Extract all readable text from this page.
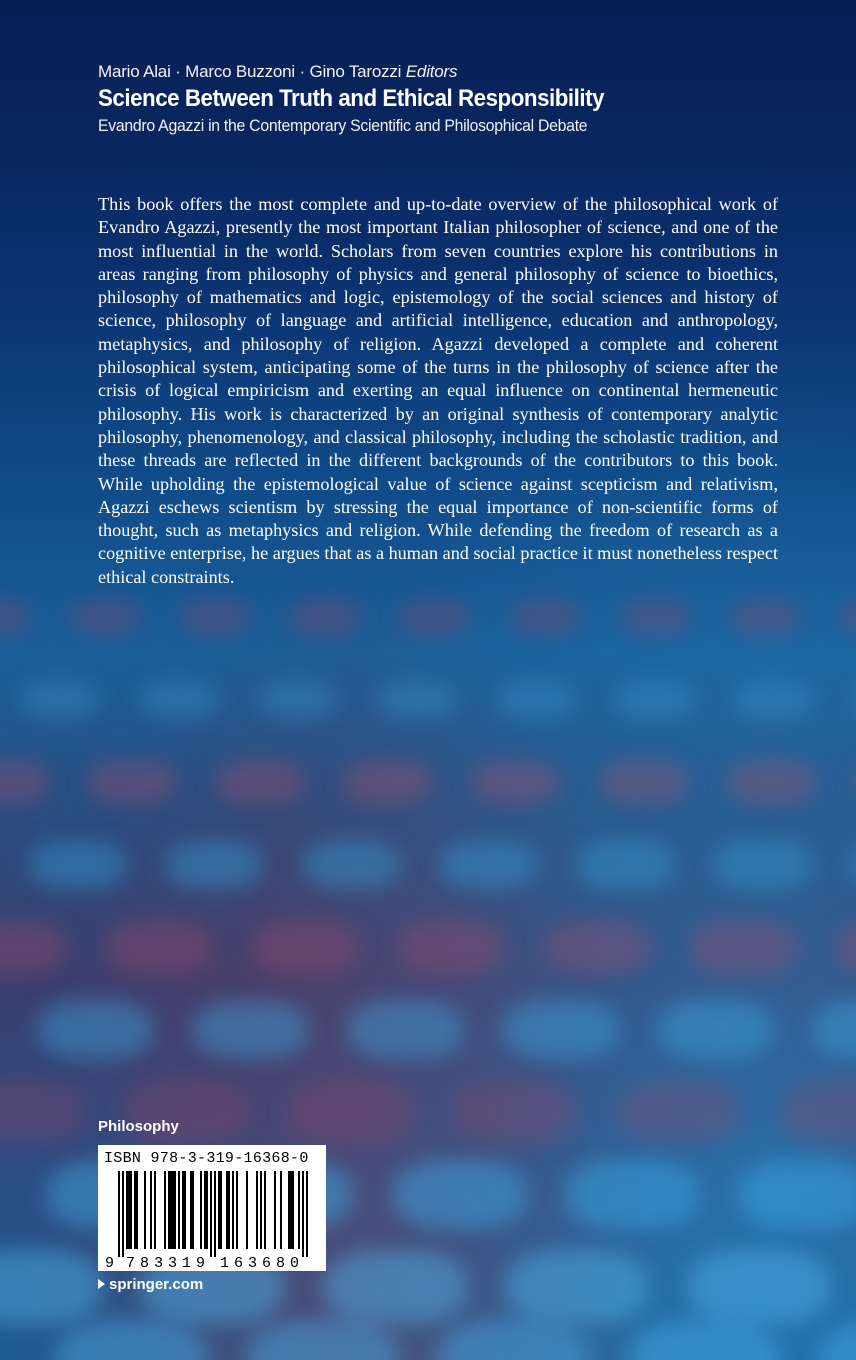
Mario Alai · Marco Buzzoni · Gino Tarozzi Editors
Science Between Truth and Ethical Responsibility
Evandro Agazzi in the Contemporary Scientific and Philosophical Debate
This book offers the most complete and up-to-date overview of the philosophical work of Evandro Agazzi, presently the most important Italian philosopher of science, and one of the most influential in the world. Scholars from seven countries explore his contributions in areas ranging from philosophy of physics and general philosophy of science to bioethics, philosophy of mathematics and logic, epistemology of the social sciences and history of science, philosophy of language and artificial intelligence, education and anthropology, metaphysics, and philosophy of religion. Agazzi developed a complete and coherent philosophical system, anticipating some of the turns in the philosophy of science after the crisis of logical empiricism and exerting an equal influence on continental hermeneutic philosophy. His work is characterized by an original synthesis of contemporary analytic philosophy, phenomenology, and classical philosophy, including the scholastic tradition, and these threads are reflected in the different backgrounds of the contributors to this book. While upholding the epistemological value of science against scepticism and relativism, Agazzi eschews scientism by stressing the equal importance of non-scientific forms of thought, such as metaphysics and religion. While defending the freedom of research as a cognitive enterprise, he argues that as a human and social practice it must nonetheless respect ethical constraints.
Philosophy
ISBN 978-3-319-16368-0
9 7 8 3 3 1 9 1 6 3 6 8 0
springer.com
